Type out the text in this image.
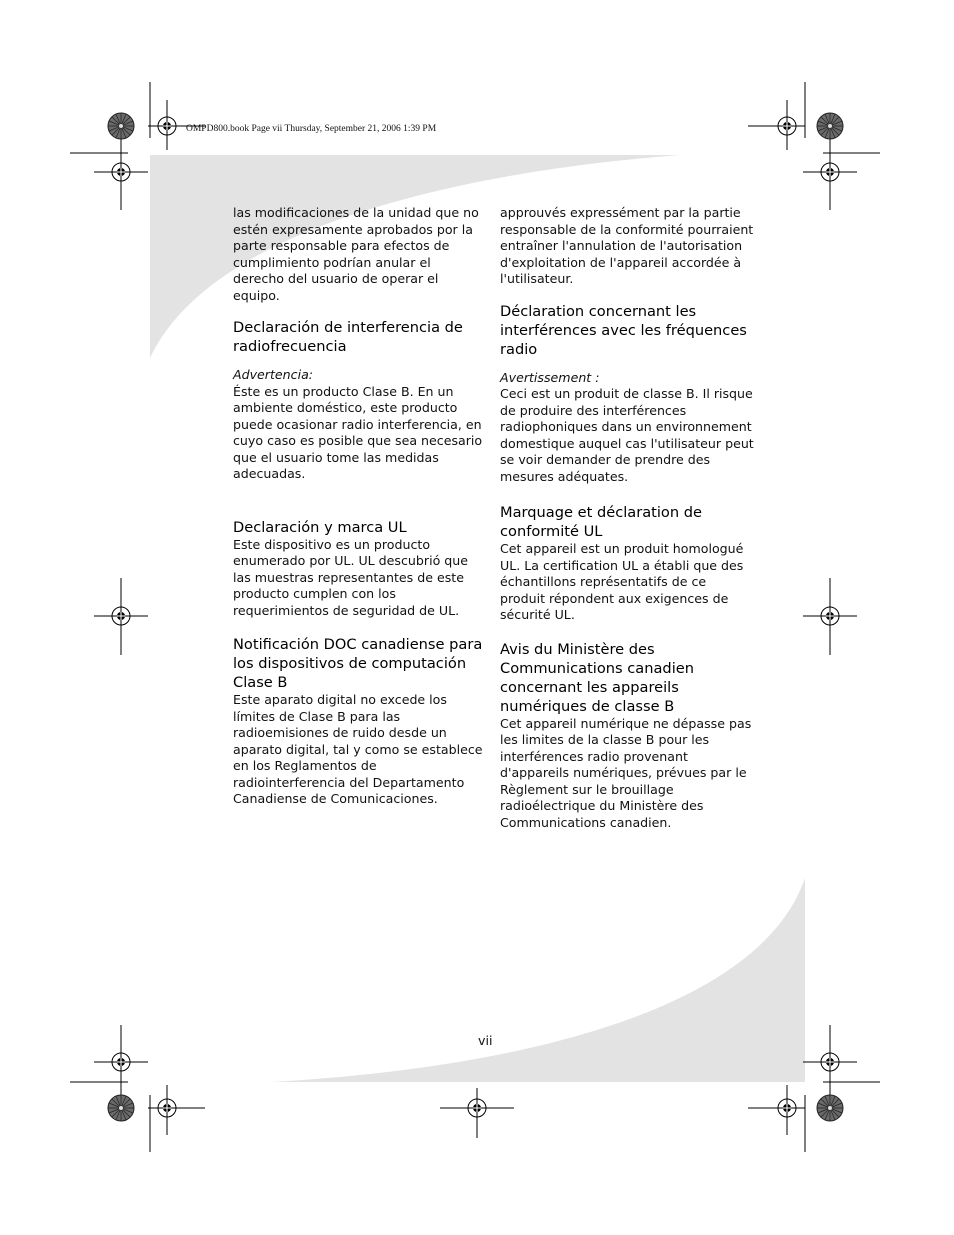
OMPD800.book Page vii Thursday, September 21, 2006 1:39 PM

las modificaciones de la unidad que no estén expresamente aprobados por la parte responsable para efectos de cumplimiento podrían anular el derecho del usuario de operar el equipo.

Declaración de interferencia de radiofrecuencia

Advertencia:

Éste es un producto Clase B. En un ambiente doméstico, este producto puede ocasionar radio interferencia, en cuyo caso es posible que sea necesario que el usuario tome las medidas adecuadas.

Declaración y marca UL

Este dispositivo es un producto enumerado por UL. UL descubrió que las muestras representantes de este producto cumplen con los requerimientos de seguridad de UL.

Notificación DOC canadiense para los dispositivos de computación Clase B

Este aparato digital no excede los límites de Clase B para las radioemisiones de ruido desde un aparato digital, tal y como se establece en los Reglamentos de radiointerferencia del Departamento Canadiense de Comunicaciones.

approuvés expressément par la partie responsable de la conformité pourraient entraîner l'annulation de l'autorisation d'exploitation de l'appareil accordée à l'utilisateur.

Déclaration concernant les interférences avec les fréquences radio

Avertissement :

Ceci est un produit de classe B. Il risque de produire des interférences radiophoniques dans un environnement domestique auquel cas l'utilisateur peut se voir demander de prendre des mesures adéquates.

Marquage et déclaration de conformité UL

Cet appareil est un produit homologué UL. La certification UL a établi que des échantillons représentatifs de ce produit répondent aux exigences de sécurité UL.

Avis du Ministère des Communications canadien concernant les appareils numériques de classe B

Cet appareil numérique ne dépasse pas les limites de la classe B pour les interférences radio provenant d'appareils numériques, prévues par le Règlement sur le brouillage radioélectrique du Ministère des Communications canadien.

vii
